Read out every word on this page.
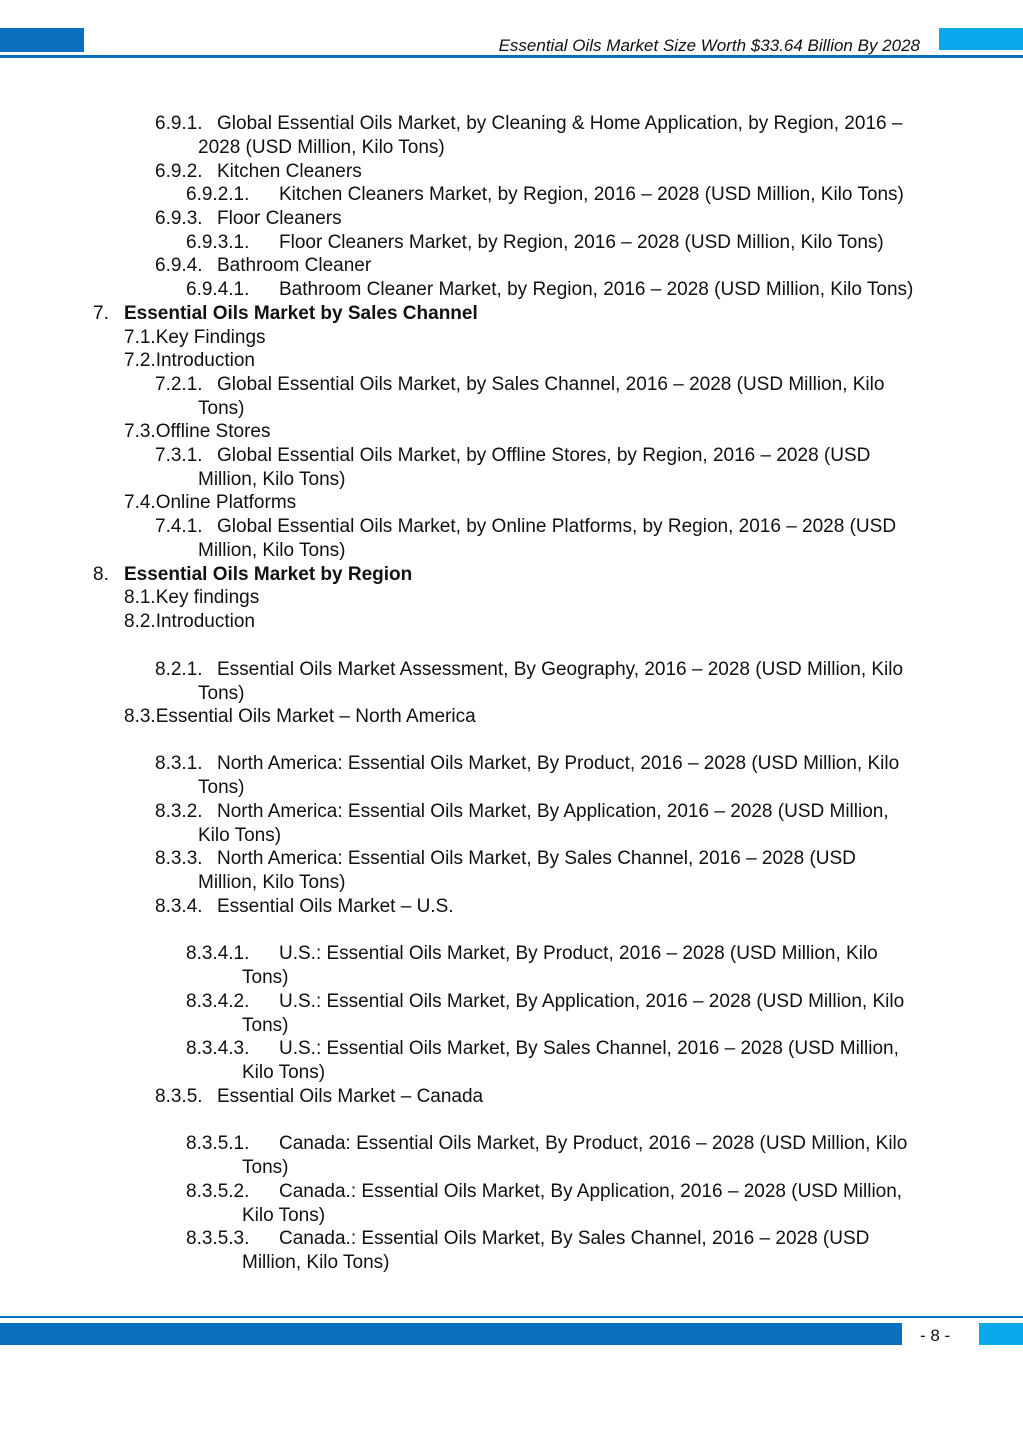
Essential Oils Market Size Worth $33.64 Billion By 2028
6.9.1. Global Essential Oils Market, by Cleaning & Home Application, by Region, 2016 –
2028 (USD Million, Kilo Tons)
6.9.2. Kitchen Cleaners
6.9.2.1. Kitchen Cleaners Market, by Region, 2016 – 2028 (USD Million, Kilo Tons)
6.9.3. Floor Cleaners
6.9.3.1. Floor Cleaners Market, by Region, 2016 – 2028 (USD Million, Kilo Tons)
6.9.4. Bathroom Cleaner
6.9.4.1. Bathroom Cleaner Market, by Region, 2016 – 2028 (USD Million, Kilo Tons)
7. Essential Oils Market by Sales Channel
7.1.Key Findings
7.2.Introduction
7.2.1. Global Essential Oils Market, by Sales Channel, 2016 – 2028 (USD Million, Kilo
Tons)
7.3.Offline Stores
7.3.1. Global Essential Oils Market, by Offline Stores, by Region, 2016 – 2028 (USD
Million, Kilo Tons)
7.4.Online Platforms
7.4.1. Global Essential Oils Market, by Online Platforms, by Region, 2016 – 2028 (USD
Million, Kilo Tons)
8. Essential Oils Market by Region
8.1.Key findings
8.2.Introduction
8.2.1. Essential Oils Market Assessment, By Geography, 2016 – 2028 (USD Million, Kilo
Tons)
8.3.Essential Oils Market – North America
8.3.1. North America: Essential Oils Market, By Product, 2016 – 2028 (USD Million, Kilo
Tons)
8.3.2. North America: Essential Oils Market, By Application, 2016 – 2028 (USD Million,
Kilo Tons)
8.3.3. North America: Essential Oils Market, By Sales Channel, 2016 – 2028 (USD
Million, Kilo Tons)
8.3.4. Essential Oils Market – U.S.
8.3.4.1. U.S.: Essential Oils Market, By Product, 2016 – 2028 (USD Million, Kilo
Tons)
8.3.4.2. U.S.: Essential Oils Market, By Application, 2016 – 2028 (USD Million, Kilo
Tons)
8.3.4.3. U.S.: Essential Oils Market, By Sales Channel, 2016 – 2028 (USD Million,
Kilo Tons)
8.3.5. Essential Oils Market – Canada
8.3.5.1. Canada: Essential Oils Market, By Product, 2016 – 2028 (USD Million, Kilo
Tons)
8.3.5.2. Canada.: Essential Oils Market, By Application, 2016 – 2028 (USD Million,
Kilo Tons)
8.3.5.3. Canada.: Essential Oils Market, By Sales Channel, 2016 – 2028 (USD
Million, Kilo Tons)
- 8 -
